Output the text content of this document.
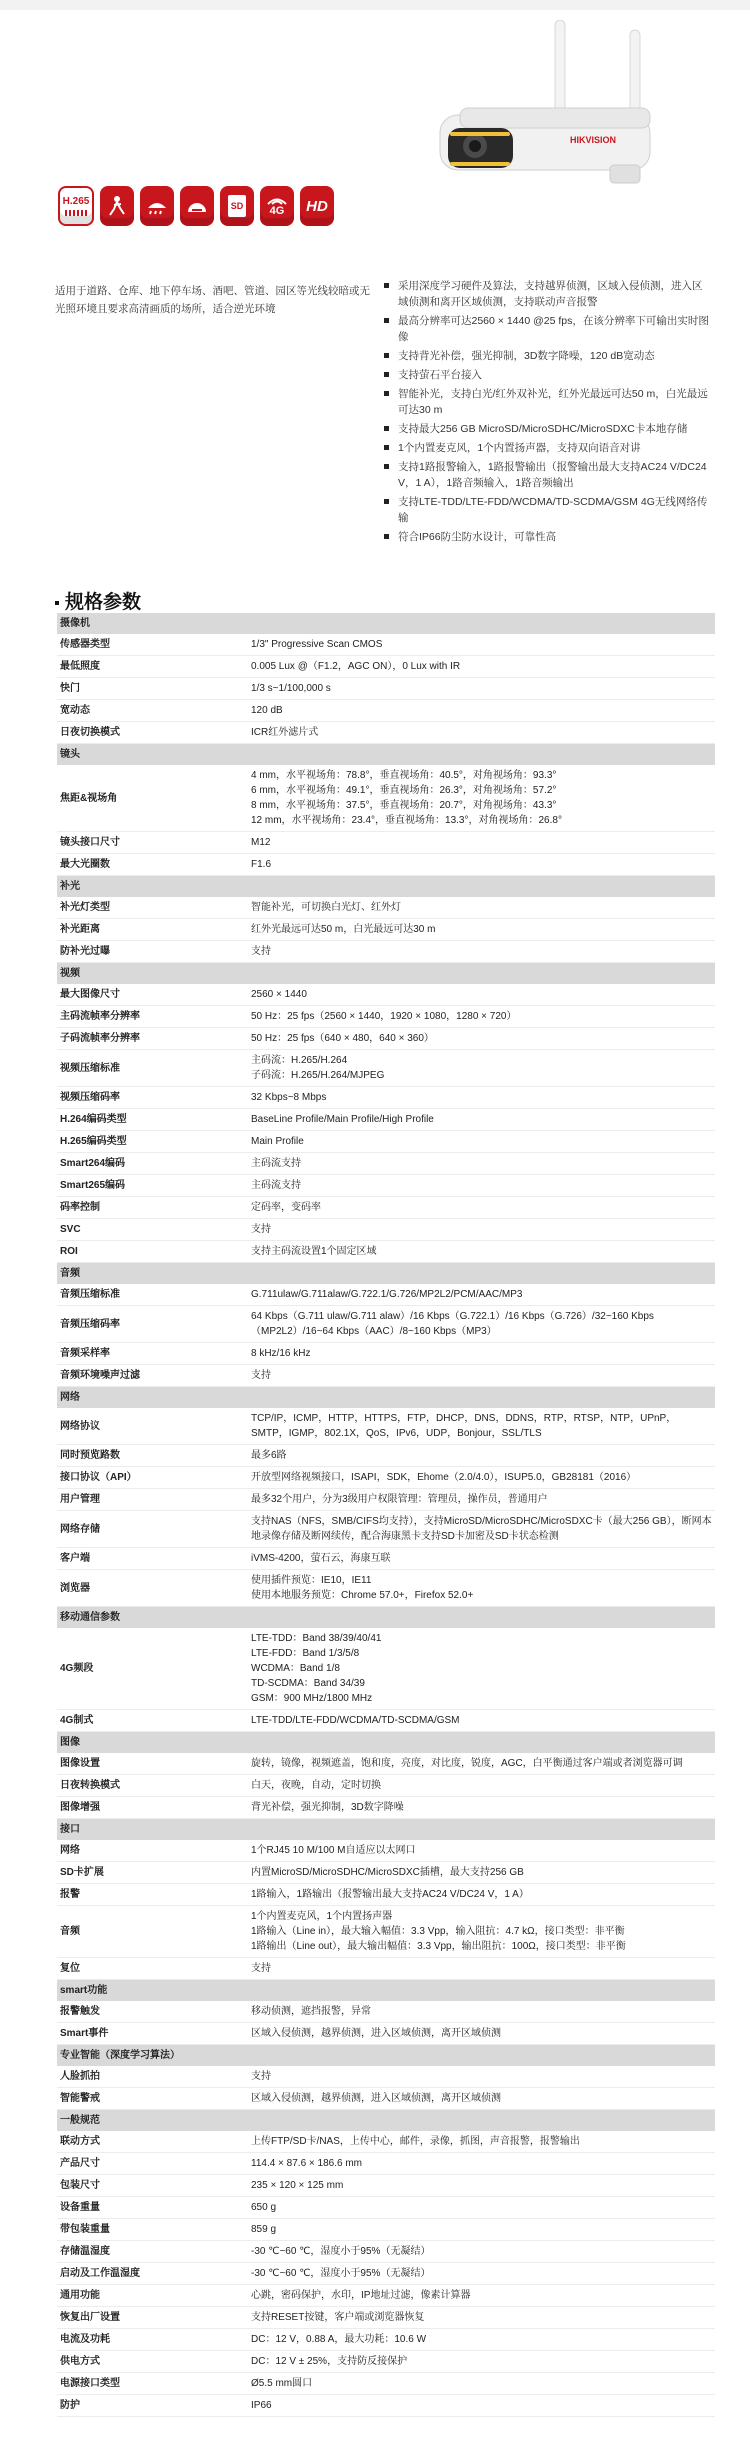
HIKVISION
H.265	SD 4G HD
适用于道路、仓库、地下停车场、酒吧、管道、园区等光线较暗或无光照环境且要求高清画质的场所，适合逆光环境
采用深度学习硬件及算法，支持越界侦测，区域入侵侦测，进入区域侦测和离开区域侦测，支持联动声音报警
最高分辨率可达2560 × 1440 @25 fps，在该分辨率下可输出实时图像
支持背光补偿，强光抑制，3D数字降噪，120 dB宽动态
支持萤石平台接入
智能补光，支持白光/红外双补光，红外光最远可达50 m，白光最远可达30 m
支持最大256 GB MicroSD/MicroSDHC/MicroSDXC卡本地存储
1个内置麦克风，1个内置扬声器，支持双向语音对讲
支持1路报警输入，1路报警输出（报警输出最大支持AC24 V/DC24 V，1 A），1路音频输入，1路音频输出
支持LTE-TDD/LTE-FDD/WCDMA/TD-SCDMA/GSM 4G无线网络传输
符合IP66防尘防水设计，可靠性高
规格参数
摄像机	
传感器类型	1/3" Progressive Scan CMOS
最低照度	0.005 Lux @（F1.2，AGC ON），0 Lux with IR
快门	1/3 s~1/100,000 s
宽动态	120 dB
日夜切换模式	ICR红外滤片式
镜头	
焦距&视场角	4 mm，水平视场角：78.8°，垂直视场角：40.5°，对角视场角：93.3°
6 mm，水平视场角：49.1°，垂直视场角：26.3°，对角视场角：57.2°
8 mm，水平视场角：37.5°，垂直视场角：20.7°，对角视场角：43.3°
12 mm，水平视场角：23.4°，垂直视场角：13.3°，对角视场角：26.8°
镜头接口尺寸	M12
最大光圈数	F1.6
补光	
补光灯类型	智能补光，可切换白光灯、红外灯
补光距离	红外光最远可达50 m，白光最远可达30 m
防补光过曝	支持
视频	
最大图像尺寸	2560 × 1440
主码流帧率分辨率	50 Hz：25 fps（2560 × 1440，1920 × 1080，1280 × 720）
子码流帧率分辨率	50 Hz：25 fps（640 × 480，640 × 360）
视频压缩标准	主码流：H.265/H.264
子码流：H.265/H.264/MJPEG
视频压缩码率	32 Kbps~8 Mbps
H.264编码类型	BaseLine Profile/Main Profile/High Profile
H.265编码类型	Main Profile
Smart264编码	主码流支持
Smart265编码	主码流支持
码率控制	定码率，变码率
SVC	支持
ROI	支持主码流设置1个固定区域
音频	
音频压缩标准	G.711ulaw/G.711alaw/G.722.1/G.726/MP2L2/PCM/AAC/MP3
音频压缩码率	64 Kbps（G.711 ulaw/G.711 alaw）/16 Kbps（G.722.1）/16 Kbps（G.726）/32~160 Kbps（MP2L2）/16~64 Kbps（AAC）/8~160 Kbps（MP3）
音频采样率	8 kHz/16 kHz
音频环境噪声过滤	支持
网络	
网络协议	TCP/IP，ICMP，HTTP，HTTPS，FTP，DHCP，DNS，DDNS，RTP，RTSP，NTP，UPnP，SMTP，IGMP，802.1X，QoS，IPv6，UDP，Bonjour，SSL/TLS
同时预览路数	最多6路
接口协议（API）	开放型网络视频接口，ISAPI，SDK，Ehome（2.0/4.0），ISUP5.0，GB28181（2016）
用户管理	最多32个用户，分为3级用户权限管理：管理员，操作员，普通用户
网络存储	支持NAS（NFS，SMB/CIFS均支持），支持MicroSD/MicroSDHC/MicroSDXC卡（最大256 GB），断网本地录像存储及断网续传，配合海康黑卡支持SD卡加密及SD卡状态检测
客户端	iVMS-4200，萤石云，海康互联
浏览器	使用插件预览：IE10，IE11
使用本地服务预览：Chrome 57.0+，Firefox 52.0+
移动通信参数	
4G频段	LTE-TDD：Band 38/39/40/41
LTE-FDD：Band 1/3/5/8
WCDMA：Band 1/8
TD-SCDMA：Band 34/39
GSM：900 MHz/1800 MHz
4G制式	LTE-TDD/LTE-FDD/WCDMA/TD-SCDMA/GSM
图像	
图像设置	旋转，镜像，视频遮盖，饱和度，亮度，对比度，锐度，AGC，白平衡通过客户端或者浏览器可调
日夜转换模式	白天，夜晚，自动，定时切换
图像增强	背光补偿，强光抑制，3D数字降噪
接口	
网络	1个RJ45 10 M/100 M自适应以太网口
SD卡扩展	内置MicroSD/MicroSDHC/MicroSDXC插槽，最大支持256 GB
报警	1路输入，1路输出（报警输出最大支持AC24 V/DC24 V，1 A）
音频	1个内置麦克风，1个内置扬声器
1路输入（Line in），最大输入幅值：3.3 Vpp，输入阻抗：4.7 kΩ，接口类型：非平衡
1路输出（Line out），最大输出幅值：3.3 Vpp，输出阻抗：100Ω，接口类型：非平衡
复位	支持
smart功能	
报警触发	移动侦测，遮挡报警，异常
Smart事件	区域入侵侦测，越界侦测，进入区域侦测，离开区域侦测
专业智能（深度学习算法）	
人脸抓拍	支持
智能警戒	区域入侵侦测，越界侦测，进入区域侦测，离开区域侦测
一般规范	
联动方式	上传FTP/SD卡/NAS，上传中心，邮件，录像，抓图，声音报警，报警输出
产品尺寸	114.4 × 87.6 × 186.6 mm
包装尺寸	235 × 120 × 125 mm
设备重量	650 g
带包装重量	859 g
存储温湿度	-30 ℃~60 ℃，湿度小于95%（无凝结）
启动及工作温湿度	-30 ℃~60 ℃，湿度小于95%（无凝结）
通用功能	心跳，密码保护，水印，IP地址过滤，像素计算器
恢复出厂设置	支持RESET按键，客户端或浏览器恢复
电流及功耗	DC：12 V，0.88 A，最大功耗：10.6 W
供电方式	DC：12 V ± 25%，支持防反接保护
电源接口类型	Ø5.5 mm圆口
防护	IP66
